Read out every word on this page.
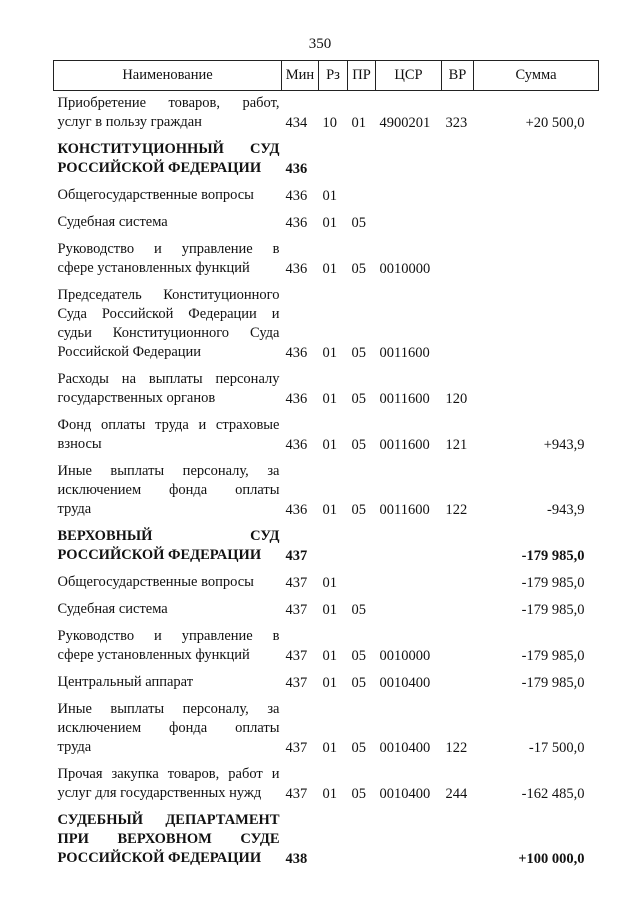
350
Наименование	Мин	Рз	ПР	ЦСР	ВР	Сумма

Приобретение товаров, работ,
услуг в пользу граждан	434	10	01	4900201	323	+20 500,0

КОНСТИТУЦИОННЫЙ СУД
РОССИЙСКОЙ ФЕДЕРАЦИИ	436					

Общегосударственные вопросы	436	01				

Судебная система	436	01	05			

Руководство и управление в
сфере установленных функций	436	01	05	0010000		

Председатель Конституционного
Суда Российской Федерации и
судьи Конституционного Суда
Российской Федерации	436	01	05	0011600		

Расходы на выплаты персоналу
государственных органов	436	01	05	0011600	120	

Фонд оплаты труда и страховые
взносы	436	01	05	0011600	121	+943,9

Иные выплаты персоналу, за
исключением фонда оплаты
труда	436	01	05	0011600	122	-943,9

ВЕРХОВНЫЙ СУД
РОССИЙСКОЙ ФЕДЕРАЦИИ	437					-179 985,0

Общегосударственные вопросы	437	01				-179 985,0

Судебная система	437	01	05			-179 985,0

Руководство и управление в
сфере установленных функций	437	01	05	0010000		-179 985,0

Центральный аппарат	437	01	05	0010400		-179 985,0

Иные выплаты персоналу, за
исключением фонда оплаты
труда	437	01	05	0010400	122	-17 500,0

Прочая закупка товаров, работ и
услуг для государственных нужд	437	01	05	0010400	244	-162 485,0

СУДЕБНЫЙ ДЕПАРТАМЕНТ
ПРИ ВЕРХОВНОМ СУДЕ
РОССИЙСКОЙ ФЕДЕРАЦИИ	438					+100 000,0
